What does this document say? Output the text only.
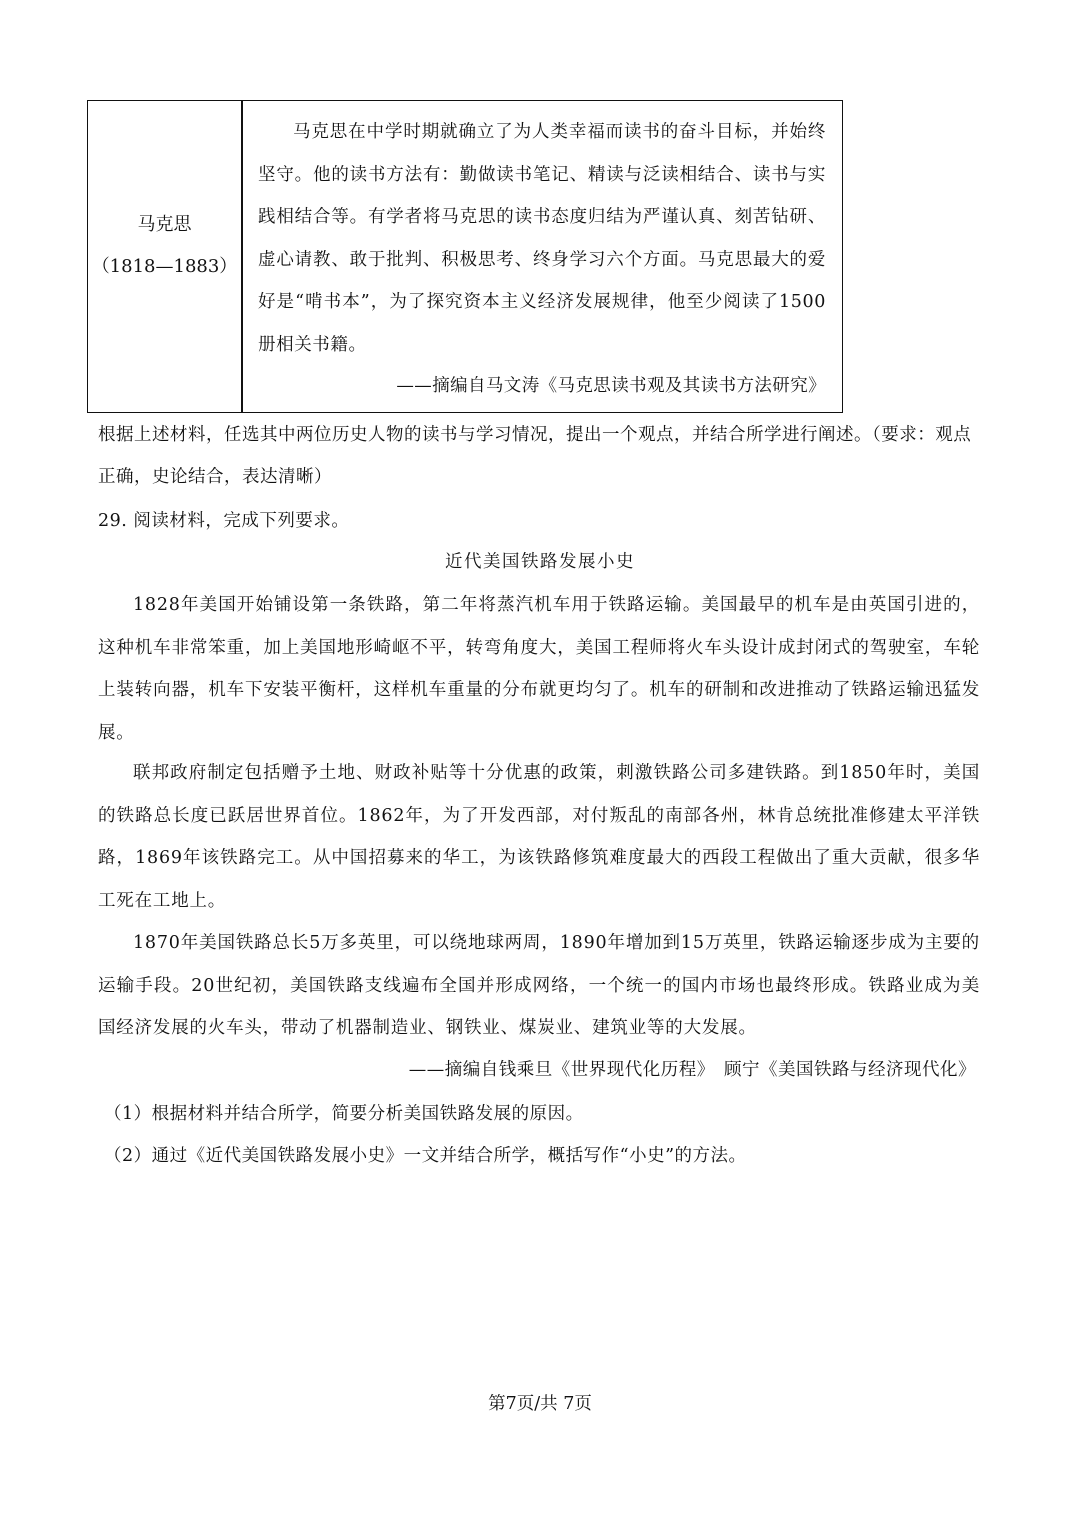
马克思
（1818—1883）
马克思在中学时期就确立了为人类幸福而读书的奋斗目标，并始终坚守。他的读书方法有：勤做读书笔记、精读与泛读相结合、读书与实践相结合等。有学者将马克思的读书态度归结为严谨认真、刻苦钻研、虚心请教、敢于批判、积极思考、终身学习六个方面。马克思最大的爱好是“啃书本”，为了探究资本主义经济发展规律，他至少阅读了1500册相关书籍。
——摘编自马文涛《马克思读书观及其读书方法研究》
根据上述材料，任选其中两位历史人物的读书与学习情况，提出一个观点，并结合所学进行阐述。（要求：观点正确，史论结合，表达清晰）
29. 阅读材料，完成下列要求。
近代美国铁路发展小史
1828年美国开始铺设第一条铁路，第二年将蒸汽机车用于铁路运输。美国最早的机车是由英国引进的，这种机车非常笨重，加上美国地形崎岖不平，转弯角度大，美国工程师将火车头设计成封闭式的驾驶室，车轮上装转向器，机车下安装平衡杆，这样机车重量的分布就更均匀了。机车的研制和改进推动了铁路运输迅猛发展。
联邦政府制定包括赠予土地、财政补贴等十分优惠的政策，刺激铁路公司多建铁路。到1850年时，美国的铁路总长度已跃居世界首位。1862年，为了开发西部，对付叛乱的南部各州，林肯总统批准修建太平洋铁路，1869年该铁路完工。从中国招募来的华工，为该铁路修筑难度最大的西段工程做出了重大贡献，很多华工死在工地上。
1870年美国铁路总长5万多英里，可以绕地球两周，1890年增加到15万英里，铁路运输逐步成为主要的运输手段。20世纪初，美国铁路支线遍布全国并形成网络，一个统一的国内市场也最终形成。铁路业成为美国经济发展的火车头，带动了机器制造业、钢铁业、煤炭业、建筑业等的大发展。
——摘编自钱乘旦《世界现代化历程》　顾宁《美国铁路与经济现代化》
（1）根据材料并结合所学，简要分析美国铁路发展的原因。
（2）通过《近代美国铁路发展小史》一文并结合所学，概括写作“小史”的方法。
第7页/共 7页
